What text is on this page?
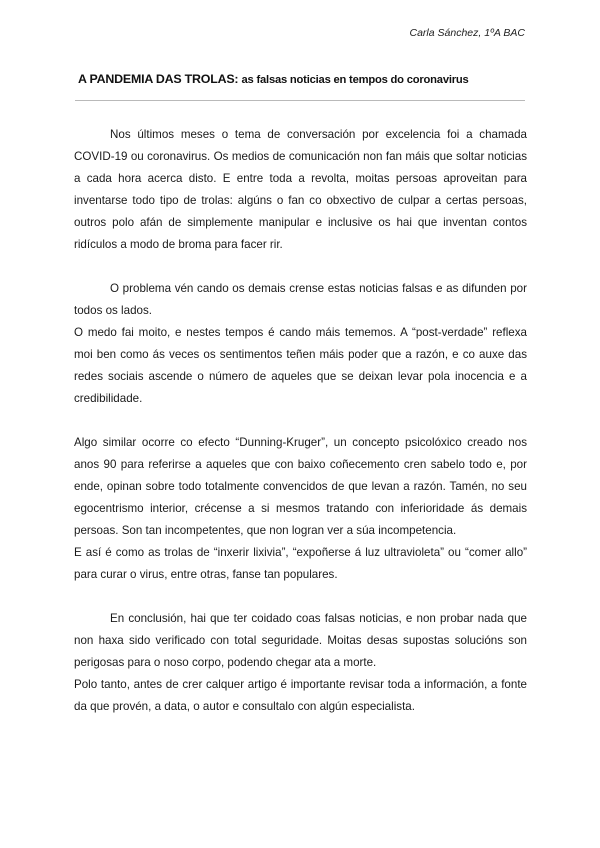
Carla Sánchez, 1ºA BAC
A PANDEMIA DAS TROLAS: as falsas noticias en tempos do coronavirus

Nos últimos meses o tema de conversación por excelencia foi a chamada COVID-19 ou coronavirus. Os medios de comunicación non fan máis que soltar noticias a cada hora acerca disto. E entre toda a revolta, moitas persoas aproveitan para inventarse todo tipo de trolas: algúns o fan co obxectivo de culpar a certas persoas, outros polo afán de simplemente manipular e inclusive os hai que inventan contos ridículos a modo de broma para facer rir.

O problema vén cando os demais crense estas noticias falsas e as difunden por todos os lados.

O medo fai moito, e nestes tempos é cando máis tememos. A “post-verdade” reflexa moi ben como ás veces os sentimentos teñen máis poder que a razón, e co auxe das redes sociais ascende o número de aqueles que se deixan levar pola inocencia e a credibilidade.

Algo similar ocorre co efecto “Dunning-Kruger”, un concepto psicolóxico creado nos anos 90 para referirse a aqueles que con baixo coñecemento cren sabelo todo e, por ende, opinan sobre todo totalmente convencidos de que levan a razón. Tamén, no seu egocentrismo interior, crécense a si mesmos tratando con inferioridade ás demais persoas. Son tan incompetentes, que non logran ver a súa incompetencia.

E así é como as trolas de “inxerir lixivia”, “expoñerse á luz ultravioleta” ou “comer allo” para curar o virus, entre otras, fanse tan populares.

En conclusión, hai que ter coidado coas falsas noticias, e non probar nada que non haxa sido verificado con total seguridade. Moitas desas supostas solucións son perigosas para o noso corpo, podendo chegar ata a morte.

Polo tanto, antes de crer calquer artigo é importante revisar toda a información, a fonte da que provén, a data, o autor e consultalo con algún especialista.
